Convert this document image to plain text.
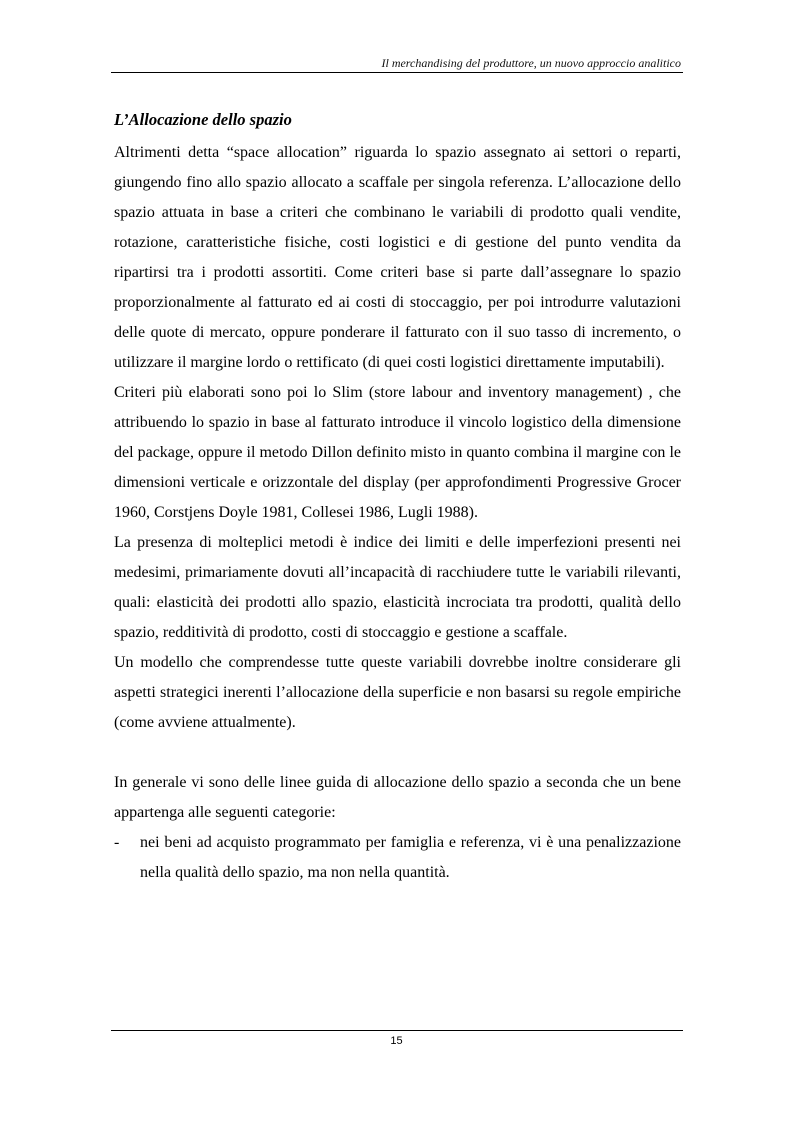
Il merchandising del produttore, un nuovo approccio analitico
L’Allocazione dello spazio

Altrimenti detta “space allocation” riguarda lo spazio assegnato ai settori o reparti, giungendo fino allo spazio allocato a scaffale per singola referenza. L’allocazione dello spazio attuata in base a criteri che combinano le variabili di prodotto quali vendite, rotazione, caratteristiche fisiche, costi logistici e di gestione del punto vendita da ripartirsi tra i prodotti assortiti. Come criteri base si parte dall’assegnare lo spazio proporzionalmente al fatturato ed ai costi di stoccaggio, per poi introdurre valutazioni delle quote di mercato, oppure ponderare il fatturato con il suo tasso di incremento, o utilizzare il margine lordo o rettificato (di quei costi logistici direttamente imputabili).

Criteri più elaborati sono poi lo Slim (store labour and inventory management) , che attribuendo lo spazio in base al fatturato introduce il vincolo logistico della dimensione del package, oppure il metodo Dillon definito misto in quanto combina il margine con le dimensioni verticale e orizzontale del display (per approfondimenti Progressive Grocer 1960, Corstjens Doyle 1981, Collesei 1986, Lugli 1988).

La presenza di molteplici metodi è indice dei limiti e delle imperfezioni presenti nei medesimi, primariamente dovuti all’incapacità di racchiudere tutte le variabili rilevanti, quali: elasticità dei prodotti allo spazio, elasticità incrociata tra prodotti, qualità dello spazio, redditività di prodotto, costi di stoccaggio e gestione a scaffale.

Un modello che comprendesse tutte queste variabili dovrebbe inoltre considerare gli aspetti strategici inerenti l’allocazione della superficie e non basarsi su regole empiriche (come avviene attualmente).

In generale vi sono delle linee guida di allocazione dello spazio a seconda che un bene appartenga alle seguenti categorie:

- nei beni ad acquisto programmato per famiglia e referenza, vi è una penalizzazione nella qualità dello spazio, ma non nella quantità.
15
